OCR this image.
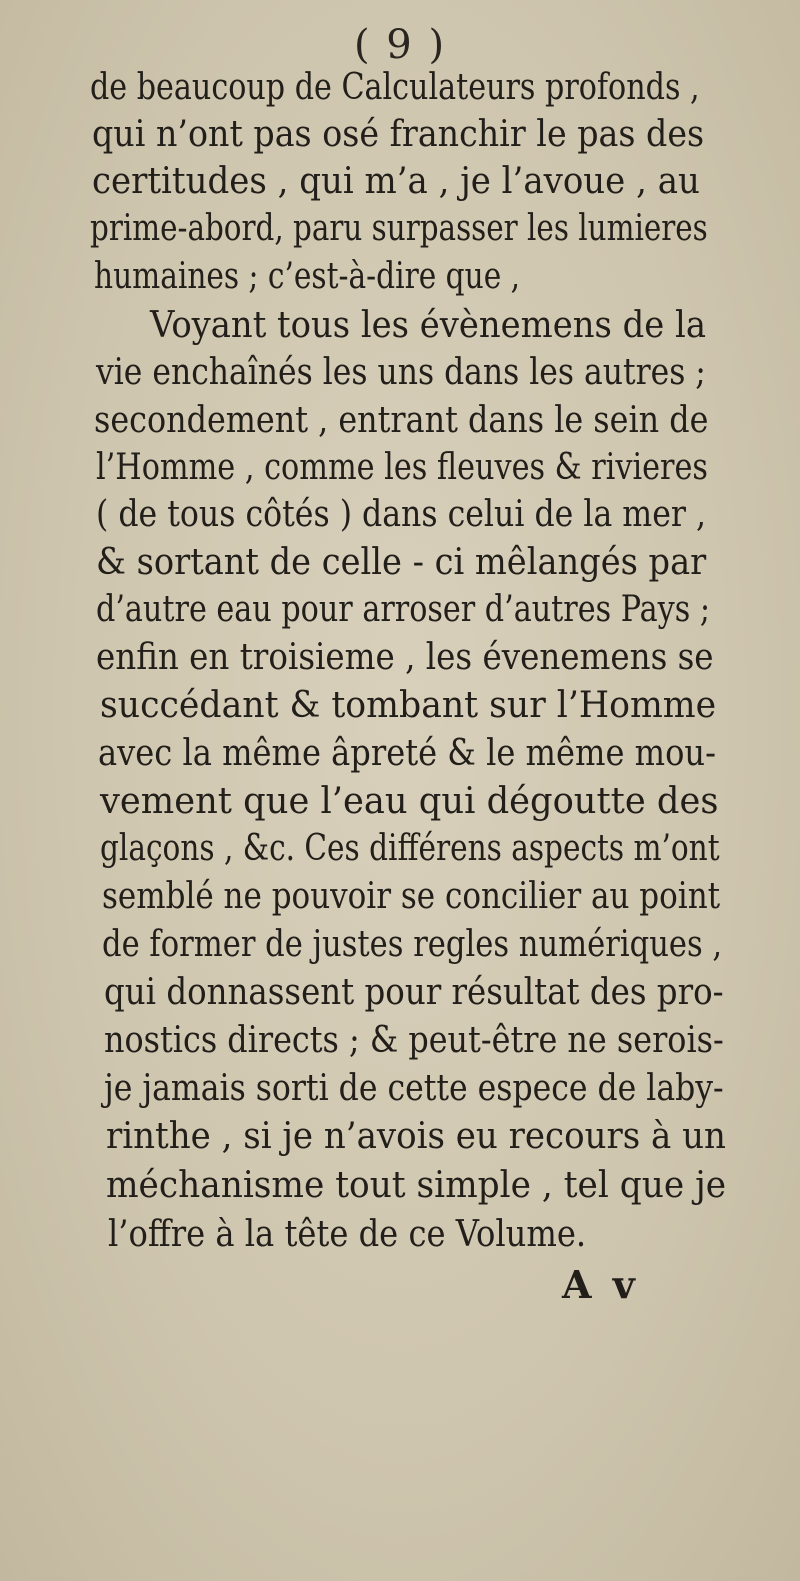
( 9 )
de beaucoup de Calculateurs profonds ,
qui n’ont pas osé franchir le pas des
certitudes , qui m’a , je l’avoue , au
prime-abord, paru surpasser les lumieres
humaines ; c’est-à-dire que ,
Voyant tous les évènemens de la
vie enchaînés les uns dans les autres ;
secondement , entrant dans le sein de
l’Homme , comme les fleuves & rivieres
( de tous côtés ) dans celui de la mer ,
& sortant de celle - ci mêlangés par
d’autre eau pour arroser d’autres Pays ;
enfin en troisieme , les évenemens se
succédant & tombant sur l’Homme
avec la même âpreté & le même mou-
vement que l’eau qui dégoutte des
glaçons , &c. Ces différens aspects m’ont
semblé ne pouvoir se concilier au point
de former de justes regles numériques ,
qui donnassent pour résultat des pro-
nostics directs ; & peut-être ne serois-
je jamais sorti de cette espece de laby-
rinthe , si je n’avois eu recours à un
méchanisme tout simple , tel que je
l’offre à la tête de ce Volume.
A v
